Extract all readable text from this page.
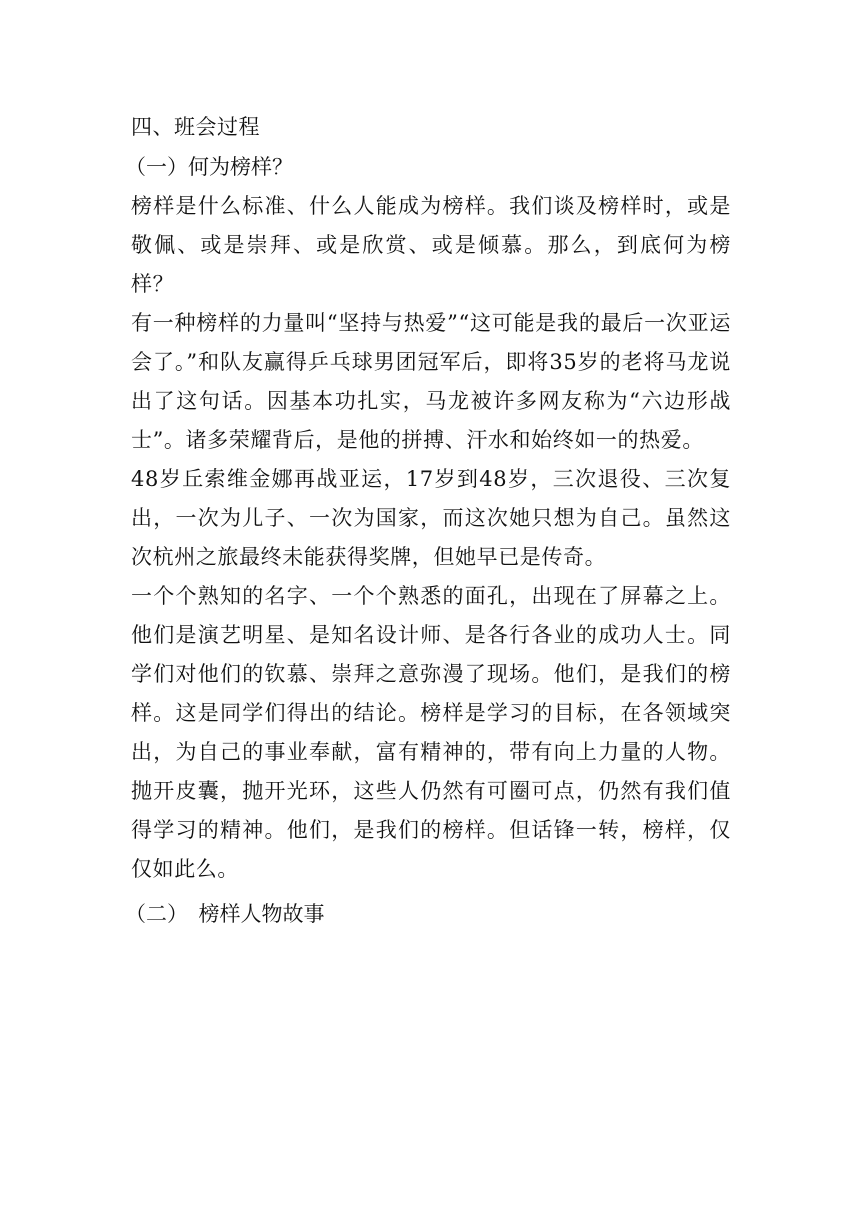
四、班会过程
（一）何为榜样？

榜样是什么标准、什么人能成为榜样。我们谈及榜样时，或是敬佩、或是崇拜、或是欣赏、或是倾慕。那么，到底何为榜样？

有一种榜样的力量叫“坚持与热爱”“这可能是我的最后一次亚运会了。”和队友赢得乒乓球男团冠军后，即将35岁的老将马龙说出了这句话。因基本功扎实，马龙被许多网友称为“六边形战士”。诸多荣耀背后，是他的拼搏、汗水和始终如一的热爱。

48岁丘索维金娜再战亚运，17岁到48岁，三次退役、三次复出，一次为儿子、一次为国家，而这次她只想为自己。虽然这次杭州之旅最终未能获得奖牌，但她早已是传奇。

一个个熟知的名字、一个个熟悉的面孔，出现在了屏幕之上。他们是演艺明星、是知名设计师、是各行各业的成功人士。同学们对他们的钦慕、崇拜之意弥漫了现场。他们，是我们的榜样。这是同学们得出的结论。榜样是学习的目标，在各领域突出，为自己的事业奉献，富有精神的，带有向上力量的人物。抛开皮囊，抛开光环，这些人仍然有可圈可点，仍然有我们值得学习的精神。他们，是我们的榜样。但话锋一转，榜样，仅仅如此么。

（二）　榜样人物故事
